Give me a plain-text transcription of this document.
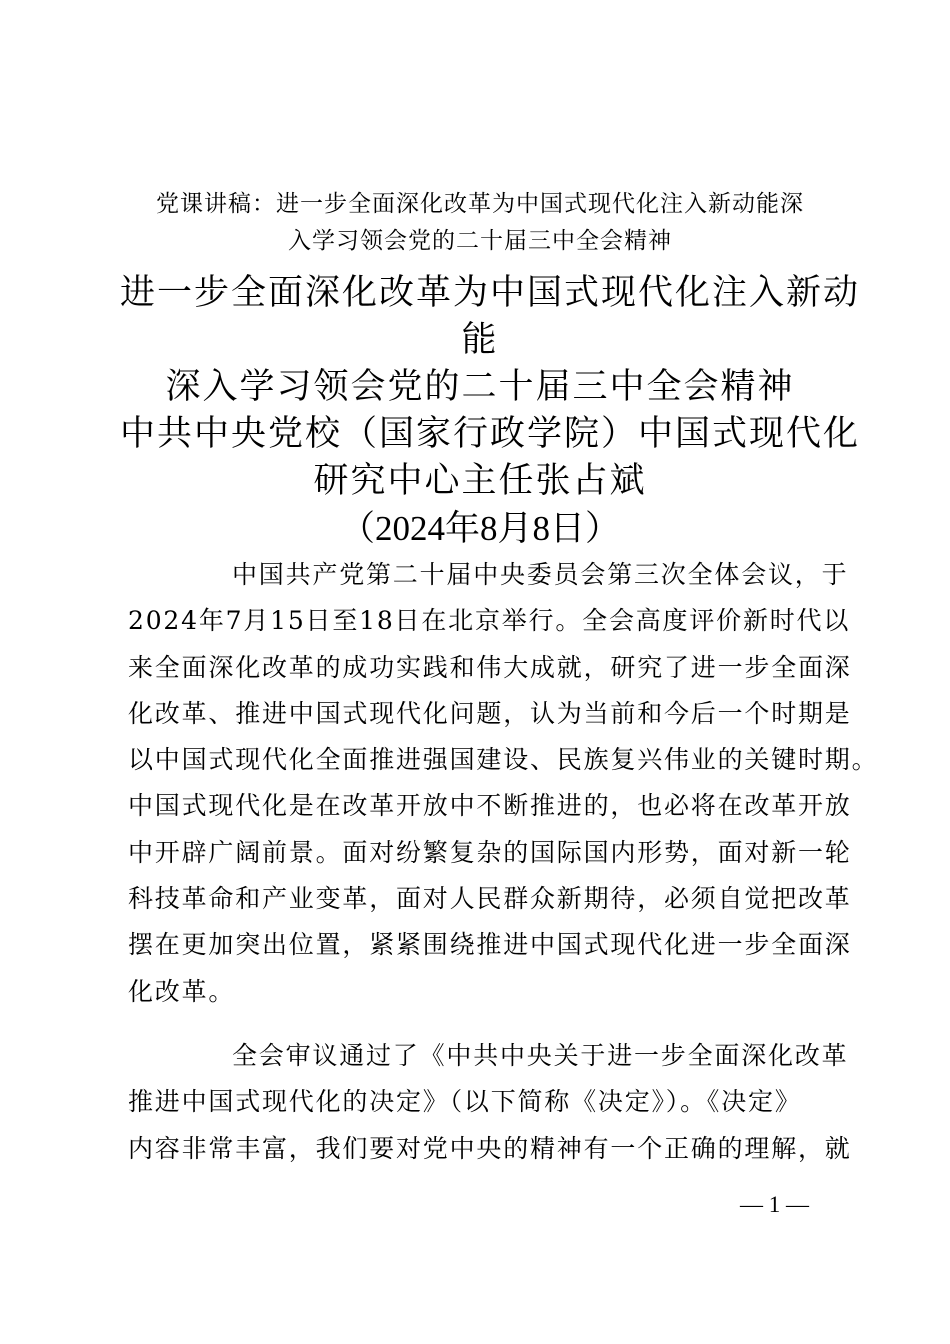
党课讲稿：进一步全面深化改革为中国式现代化注入新动能深
入学习领会党的二十届三中全会精神
进一步全面深化改革为中国式现代化注入新动
能
深入学习领会党的二十届三中全会精神
中共中央党校（国家行政学院）中国式现代化
研究中心主任张占斌
（2024年8月8日）
中国共产党第二十届中央委员会第三次全体会议，于
2024年7月15日至18日在北京举行。全会高度评价新时代以
来全面深化改革的成功实践和伟大成就，研究了进一步全面深
化改革、推进中国式现代化问题，认为当前和今后一个时期是
以中国式现代化全面推进强国建设、民族复兴伟业的关键时期。
中国式现代化是在改革开放中不断推进的，也必将在改革开放
中开辟广阔前景。面对纷繁复杂的国际国内形势，面对新一轮
科技革命和产业变革，面对人民群众新期待，必须自觉把改革
摆在更加突出位置，紧紧围绕推进中国式现代化进一步全面深
化改革。
全会审议通过了《中共中央关于进一步全面深化改革
推进中国式现代化的决定》（以下简称《决定》）。《决定》
内容非常丰富，我们要对党中央的精神有一个正确的理解，就
— 1 —
